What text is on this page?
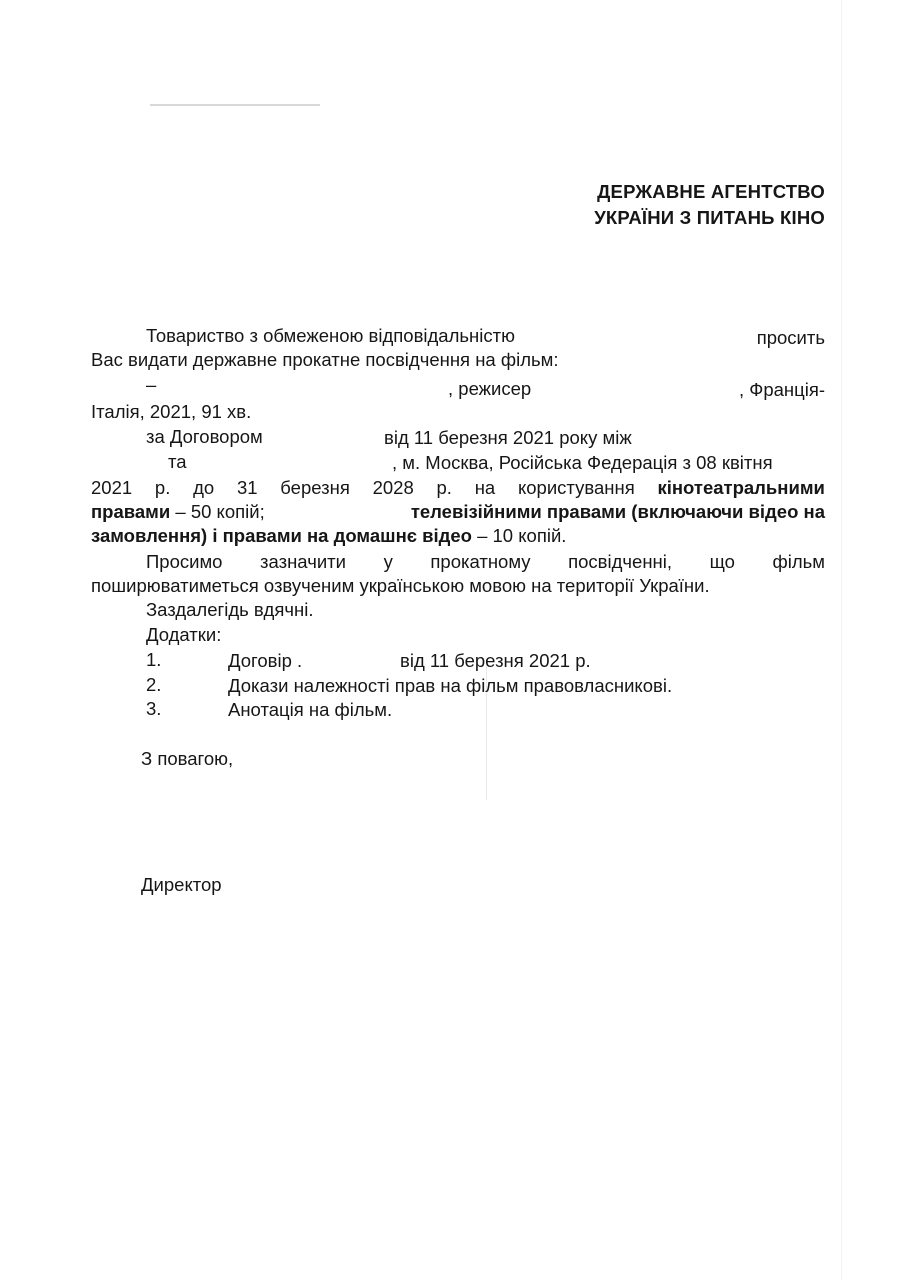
ДЕРЖАВНЕ АГЕНТСТВО
УКРАЇНИ З ПИТАНЬ КІНО
Товариство з обмеженою відповідальністю	просить
Вас видати державне прокатне посвідчення на фільм:
–	, режисер	, Франція-
Італія, 2021, 91 хв.
за Договором	від 11 березня 2021 року між
та	, м. Москва, Російська Федерація з 08 квітня
2021 р. до 31 березня 2028 р. на користування кінотеатральними
правами – 50 копій;	телевізійними правами (включаючи відео на
замовлення) і правами на домашнє відео – 10 копій.
Просимо зазначити у прокатному посвідченні, що фільм
поширюватиметься озвученим українською мовою на території України.
Заздалегідь вдячні.
Додатки:
1.	Договір .	від 11 березня 2021 р.
2.	Докази належності прав на фільм правовласникові.
3.	Анотація на фільм.
З повагою,
Директор
